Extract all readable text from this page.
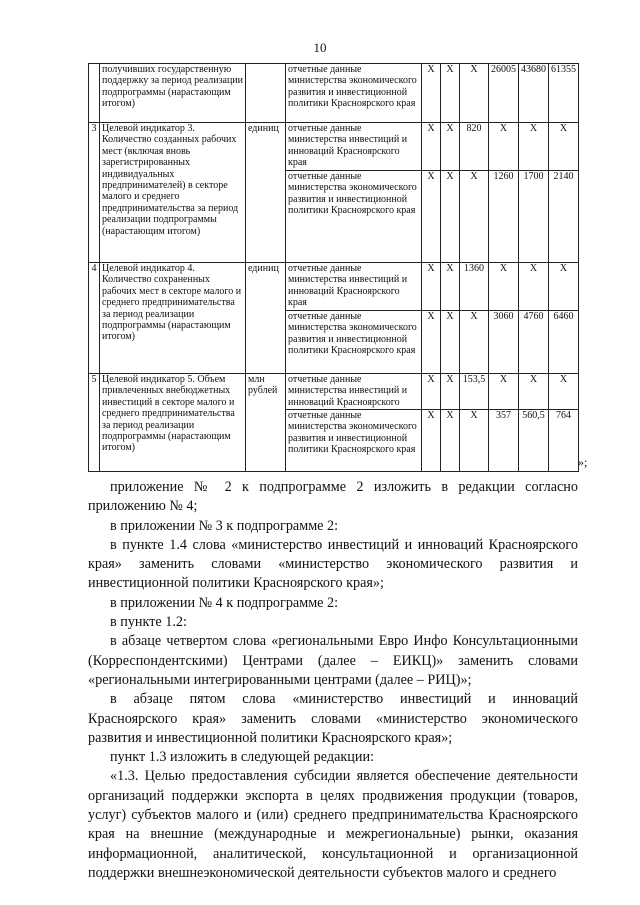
10
	получивших государственную поддержку за период реализации подпрограммы (нарастающим итогом)		отчетные данные министерства экономического развития и инвестиционной политики Красноярского края	Х	Х	Х	26005	43680	61355
3	Целевой индикатор 3. Количество созданных рабочих мест (включая вновь зарегистрированных индивидуальных предпринимателей) в секторе малого и среднего предпринимательства за период реализации подпрограммы (нарастающим итогом)	единиц	отчетные данные министерства инвестиций и инноваций Красноярского края	Х	Х	820	Х	Х	Х
			отчетные данные министерства экономического развития и инвестиционной политики Красноярского края	Х	Х	Х	1260	1700	2140
4	Целевой индикатор 4. Количество сохраненных рабочих мест в секторе малого и среднего предпринимательства за период реализации подпрограммы (нарастающим итогом)	единиц	отчетные данные министерства инвестиций и инноваций Красноярского края	Х	Х	1360	Х	Х	Х
			отчетные данные министерства экономического развития и инвестиционной политики Красноярского края	Х	Х	Х	3060	4760	6460
5	Целевой индикатор 5. Объем привлеченных внебюджетных инвестиций в секторе малого и среднего предпринимательства за период реализации подпрограммы (нарастающим итогом)	млн рублей	отчетные данные министерства инвестиций и инноваций Красноярского	Х	Х	153,5	Х	Х	Х
			отчетные данные министерства экономического развития и инвестиционной политики Красноярского края	Х	Х	Х	357	560,5	764
»;

приложение № 2 к подпрограмме 2 изложить в редакции согласно приложению № 4;

в приложении № 3 к подпрограмме 2:

в пункте 1.4 слова «министерство инвестиций и инноваций Красноярского края» заменить словами «министерство экономического развития и инвестиционной политики Красноярского края»;

в приложении № 4 к подпрограмме 2:

в пункте 1.2:

в абзаце четвертом слова «региональными Евро Инфо Консультационными (Корреспондентскими) Центрами (далее – ЕИКЦ)» заменить словами «региональными интегрированными центрами (далее – РИЦ)»;

в абзаце пятом слова «министерство инвестиций и инноваций Красноярского края» заменить словами «министерство экономического развития и инвестиционной политики Красноярского края»;

пункт 1.3 изложить в следующей редакции:

«1.3. Целью предоставления субсидии является обеспечение деятельности организаций поддержки экспорта в целях продвижения продукции (товаров, услуг) субъектов малого и (или) среднего предпринимательства Красноярского края на внешние (международные и межрегиональные) рынки, оказания информационной, аналитической, консультационной и организационной поддержки внешнеэкономической деятельности субъектов малого и среднего
